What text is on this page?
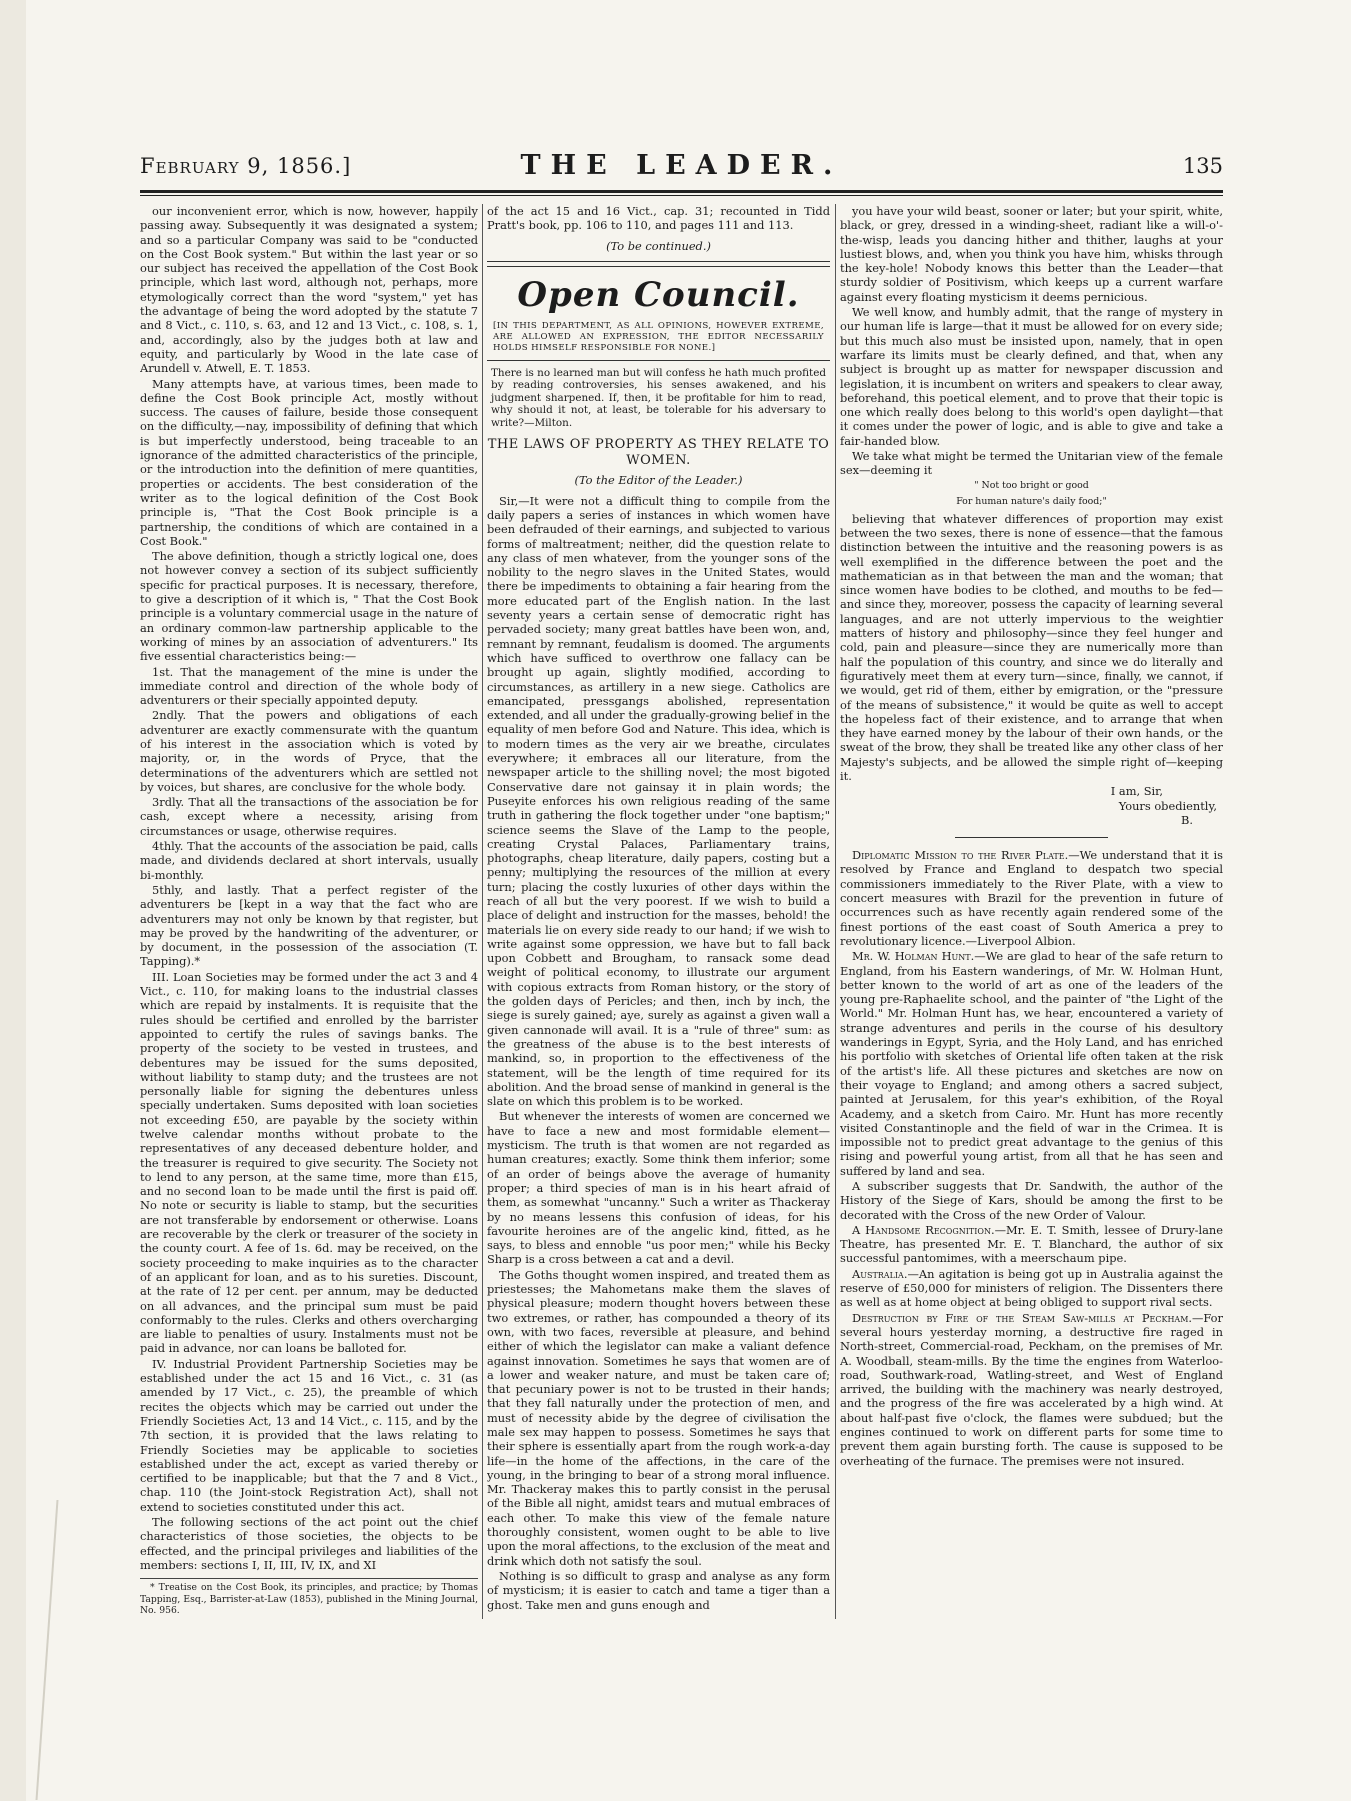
February 9, 1856.]	THE LEADER.	135

our inconvenient error, which is now, however, happily passing away. Subsequently it was designated a system; and so a particular Company was said to be "conducted on the Cost Book system." But within the last year or so our subject has received the appellation of the Cost Book principle, which last word, although not, perhaps, more etymologically correct than the word "system," yet has the advantage of being the word adopted by the statute 7 and 8 Vict., c. 110, s. 63, and 12 and 13 Vict., c. 108, s. 1, and, accordingly, also by the judges both at law and equity, and particularly by Wood in the late case of Arundell v. Atwell, E. T. 1853.

Many attempts have, at various times, been made to define the Cost Book principle Act, mostly without success. The causes of failure, beside those consequent on the difficulty,—nay, impossibility of defining that which is but imperfectly understood, being traceable to an ignorance of the admitted characteristics of the principle, or the introduction into the definition of mere quantities, properties or accidents. The best consideration of the writer as to the logical definition of the Cost Book principle is, "That the Cost Book principle is a partnership, the conditions of which are contained in a Cost Book."

The above definition, though a strictly logical one, does not however convey a section of its subject sufficiently specific for practical purposes. It is necessary, therefore, to give a description of it which is, " That the Cost Book principle is a voluntary commercial usage in the nature of an ordinary common-law partnership applicable to the working of mines by an association of adventurers." Its five essential characteristics being:—

1st. That the management of the mine is under the immediate control and direction of the whole body of adventurers or their specially appointed deputy.

2ndly. That the powers and obligations of each adventurer are exactly commensurate with the quantum of his interest in the association which is voted by majority, or, in the words of Pryce, that the determinations of the adventurers which are settled not by voices, but shares, are conclusive for the whole body.

3rdly. That all the transactions of the association be for cash, except where a necessity, arising from circumstances or usage, otherwise requires.

4thly. That the accounts of the association be paid, calls made, and dividends declared at short intervals, usually bi-monthly.

5thly, and lastly. That a perfect register of the adventurers be [kept in a way that the fact who are adventurers may not only be known by that register, but may be proved by the handwriting of the adventurer, or by document, in the possession of the association (T. Tapping).*

III. Loan Societies may be formed under the act 3 and 4 Vict., c. 110, for making loans to the industrial classes which are repaid by instalments. It is requisite that the rules should be certified and enrolled by the barrister appointed to certify the rules of savings banks. The property of the society to be vested in trustees, and debentures may be issued for the sums deposited, without liability to stamp duty; and the trustees are not personally liable for signing the debentures unless specially undertaken. Sums deposited with loan societies not exceeding £50, are payable by the society within twelve calendar months without probate to the representatives of any deceased debenture holder, and the treasurer is required to give security. The Society not to lend to any person, at the same time, more than £15, and no second loan to be made until the first is paid off. No note or security is liable to stamp, but the securities are not transferable by endorsement or otherwise. Loans are recoverable by the clerk or treasurer of the society in the county court. A fee of 1s. 6d. may be received, on the society proceeding to make inquiries as to the character of an applicant for loan, and as to his sureties. Discount, at the rate of 12 per cent. per annum, may be deducted on all advances, and the principal sum must be paid conformably to the rules. Clerks and others overcharging are liable to penalties of usury. Instalments must not be paid in advance, nor can loans be balloted for.

IV. Industrial Provident Partnership Societies may be established under the act 15 and 16 Vict., c. 31 (as amended by 17 Vict., c. 25), the preamble of which recites the objects which may be carried out under the Friendly Societies Act, 13 and 14 Vict., c. 115, and by the 7th section, it is provided that the laws relating to Friendly Societies may be applicable to societies established under the act, except as varied thereby or certified to be inapplicable; but that the 7 and 8 Vict., chap. 110 (the Joint-stock Registration Act), shall not extend to societies constituted under this act.

The following sections of the act point out the chief characteristics of those societies, the objects to be effected, and the principal privileges and liabilities of the members: sections I, II, III, IV, IX, and XI

* Treatise on the Cost Book, its principles, and practice; by Thomas Tapping, Esq., Barrister-at-Law (1853), published in the Mining Journal, No. 956.

of the act 15 and 16 Vict., cap. 31; recounted in Tidd Pratt's book, pp. 106 to 110, and pages 111 and 113.

(To be continued.)
Open Council.
[IN THIS DEPARTMENT, AS ALL OPINIONS, HOWEVER EXTREME, ARE ALLOWED AN EXPRESSION, THE EDITOR NECESSARILY HOLDS HIMSELF RESPONSIBLE FOR NONE.]
There is no learned man but will confess he hath much profited by reading controversies, his senses awakened, and his judgment sharpened. If, then, it be profitable for him to read, why should it not, at least, be tolerable for his adversary to write?—Milton.
THE LAWS OF PROPERTY AS THEY RELATE TO WOMEN.
(To the Editor of the Leader.)

Sir,—It were not a difficult thing to compile from the daily papers a series of instances in which women have been defrauded of their earnings, and subjected to various forms of maltreatment; neither, did the question relate to any class of men whatever, from the younger sons of the nobility to the negro slaves in the United States, would there be impediments to obtaining a fair hearing from the more educated part of the English nation. In the last seventy years a certain sense of democratic right has pervaded society; many great battles have been won, and, remnant by remnant, feudalism is doomed. The arguments which have sufficed to overthrow one fallacy can be brought up again, slightly modified, according to circumstances, as artillery in a new siege. Catholics are emancipated, pressgangs abolished, representation extended, and all under the gradually-growing belief in the equality of men before God and Nature. This idea, which is to modern times as the very air we breathe, circulates everywhere; it embraces all our literature, from the newspaper article to the shilling novel; the most bigoted Conservative dare not gainsay it in plain words; the Puseyite enforces his own religious reading of the same truth in gathering the flock together under "one baptism;" science seems the Slave of the Lamp to the people, creating Crystal Palaces, Parliamentary trains, photographs, cheap literature, daily papers, costing but a penny; multiplying the resources of the million at every turn; placing the costly luxuries of other days within the reach of all but the very poorest. If we wish to build a place of delight and instruction for the masses, behold! the materials lie on every side ready to our hand; if we wish to write against some oppression, we have but to fall back upon Cobbett and Brougham, to ransack some dead weight of political economy, to illustrate our argument with copious extracts from Roman history, or the story of the golden days of Pericles; and then, inch by inch, the siege is surely gained; aye, surely as against a given wall a given cannonade will avail. It is a "rule of three" sum: as the greatness of the abuse is to the best interests of mankind, so, in proportion to the effectiveness of the statement, will be the length of time required for its abolition. And the broad sense of mankind in general is the slate on which this problem is to be worked.

But whenever the interests of women are concerned we have to face a new and most formidable element—mysticism. The truth is that women are not regarded as human creatures; exactly. Some think them inferior; some of an order of beings above the average of humanity proper; a third species of man is in his heart afraid of them, as somewhat "uncanny." Such a writer as Thackeray by no means lessens this confusion of ideas, for his favourite heroines are of the angelic kind, fitted, as he says, to bless and ennoble "us poor men;" while his Becky Sharp is a cross between a cat and a devil.

The Goths thought women inspired, and treated them as priestesses; the Mahometans make them the slaves of physical pleasure; modern thought hovers between these two extremes, or rather, has compounded a theory of its own, with two faces, reversible at pleasure, and behind either of which the legislator can make a valiant defence against innovation. Sometimes he says that women are of a lower and weaker nature, and must be taken care of; that pecuniary power is not to be trusted in their hands; that they fall naturally under the protection of men, and must of necessity abide by the degree of civilisation the male sex may happen to possess. Sometimes he says that their sphere is essentially apart from the rough work-a-day life—in the home of the affections, in the care of the young, in the bringing to bear of a strong moral influence. Mr. Thackeray makes this to partly consist in the perusal of the Bible all night, amidst tears and mutual embraces of each other. To make this view of the female nature thoroughly consistent, women ought to be able to live upon the moral affections, to the exclusion of the meat and drink which doth not satisfy the soul.

Nothing is so difficult to grasp and analyse as any form of mysticism; it is easier to catch and tame a tiger than a ghost. Take men and guns enough and

you have your wild beast, sooner or later; but your spirit, white, black, or grey, dressed in a winding-sheet, radiant like a will-o'-the-wisp, leads you dancing hither and thither, laughs at your lustiest blows, and, when you think you have him, whisks through the key-hole! Nobody knows this better than the Leader—that sturdy soldier of Positivism, which keeps up a current warfare against every floating mysticism it deems pernicious.

We well know, and humbly admit, that the range of mystery in our human life is large—that it must be allowed for on every side; but this much also must be insisted upon, namely, that in open warfare its limits must be clearly defined, and that, when any subject is brought up as matter for newspaper discussion and legislation, it is incumbent on writers and speakers to clear away, beforehand, this poetical element, and to prove that their topic is one which really does belong to this world's open daylight—that it comes under the power of logic, and is able to give and take a fair-handed blow.

We take what might be termed the Unitarian view of the female sex—deeming it

" Not too bright or good
For human nature's daily food;"

believing that whatever differences of proportion may exist between the two sexes, there is none of essence—that the famous distinction between the intuitive and the reasoning powers is as well exemplified in the difference between the poet and the mathematician as in that between the man and the woman; that since women have bodies to be clothed, and mouths to be fed—and since they, moreover, possess the capacity of learning several languages, and are not utterly impervious to the weightier matters of history and philosophy—since they feel hunger and cold, pain and pleasure—since they are numerically more than half the population of this country, and since we do literally and figuratively meet them at every turn—since, finally, we cannot, if we would, get rid of them, either by emigration, or the "pressure of the means of subsistence," it would be quite as well to accept the hopeless fact of their existence, and to arrange that when they have earned money by the labour of their own hands, or the sweat of the brow, they shall be treated like any other class of her Majesty's subjects, and be allowed the simple right of—keeping it.

I am, Sir,
Yours obediently,
B.

Diplomatic Mission to the River Plate.—We understand that it is resolved by France and England to despatch two special commissioners immediately to the River Plate, with a view to concert measures with Brazil for the prevention in future of occurrences such as have recently again rendered some of the finest portions of the east coast of South America a prey to revolutionary licence.—Liverpool Albion.

Mr. W. Holman Hunt.—We are glad to hear of the safe return to England, from his Eastern wanderings, of Mr. W. Holman Hunt, better known to the world of art as one of the leaders of the young pre-Raphaelite school, and the painter of "the Light of the World." Mr. Holman Hunt has, we hear, encountered a variety of strange adventures and perils in the course of his desultory wanderings in Egypt, Syria, and the Holy Land, and has enriched his portfolio with sketches of Oriental life often taken at the risk of the artist's life. All these pictures and sketches are now on their voyage to England; and among others a sacred subject, painted at Jerusalem, for this year's exhibition, of the Royal Academy, and a sketch from Cairo. Mr. Hunt has more recently visited Constantinople and the field of war in the Crimea. It is impossible not to predict great advantage to the genius of this rising and powerful young artist, from all that he has seen and suffered by land and sea.

A subscriber suggests that Dr. Sandwith, the author of the History of the Siege of Kars, should be among the first to be decorated with the Cross of the new Order of Valour.

A Handsome Recognition.—Mr. E. T. Smith, lessee of Drury-lane Theatre, has presented Mr. E. T. Blanchard, the author of six successful pantomimes, with a meerschaum pipe.

Australia.—An agitation is being got up in Australia against the reserve of £50,000 for ministers of religion. The Dissenters there as well as at home object at being obliged to support rival sects.

Destruction by Fire of the Steam Saw-mills at Peckham.—For several hours yesterday morning, a destructive fire raged in North-street, Commercial-road, Peckham, on the premises of Mr. A. Woodball, steam-mills. By the time the engines from Waterloo-road, Southwark-road, Watling-street, and West of England arrived, the building with the machinery was nearly destroyed, and the progress of the fire was accelerated by a high wind. At about half-past five o'clock, the flames were subdued; but the engines continued to work on different parts for some time to prevent them again bursting forth. The cause is supposed to be overheating of the furnace. The premises were not insured.
